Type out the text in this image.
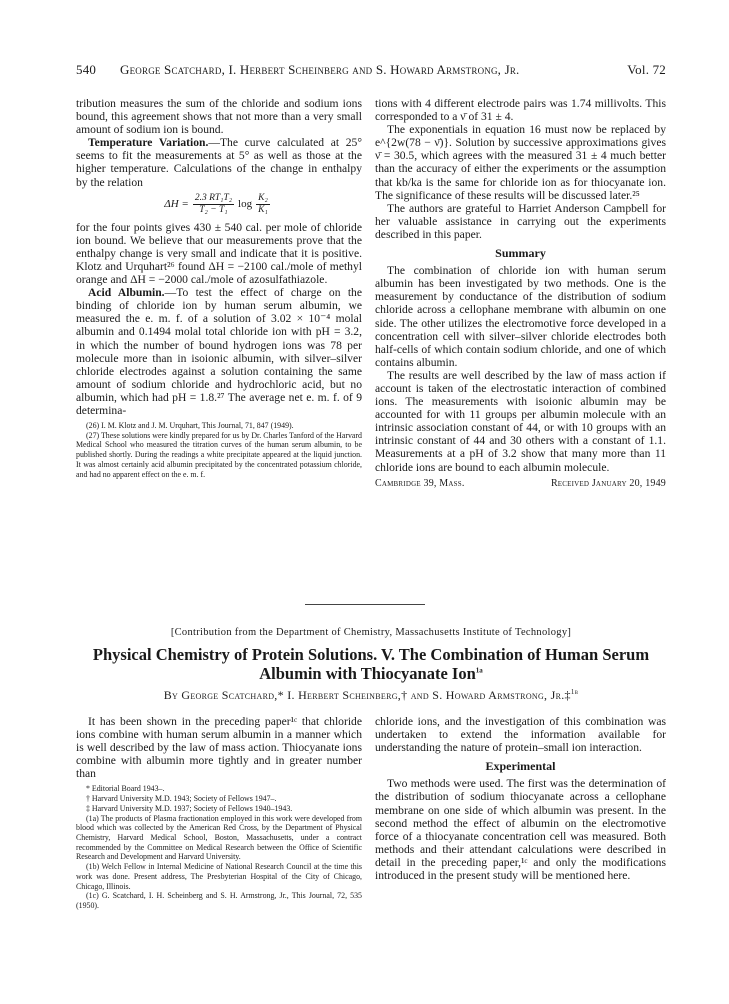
540 George Scatchard, I. Herbert Scheinberg and S. Howard Armstrong, Jr.	Vol. 72

tribution measures the sum of the chloride and sodium ions bound, this agreement shows that not more than a very small amount of sodium ion is bound.

Temperature Variation.—The curve calculated at 25° seems to fit the measurements at 5° as well as those at the higher temperature. Calculations of the change in enthalpy by the relation

$\Delta H = \frac{\text{2.3 RT₁T₂}}{\text{T₂ − T₁}}$ $\log \frac{\text{K₂}}{\text{K₁}}$

for the four points gives 430 ± 540 cal. per mole of chloride ion bound. We believe that our measurements prove that the enthalpy change is very small and indicate that it is positive. Klotz and Urquhart²⁶ found ΔH = −2100 cal./mole of methyl orange and ΔH = −2000 cal./mole of azosulfathiazole.

Acid Albumin.—To test the effect of charge on the binding of chloride ion by human serum albumin, we measured the e. m. f. of a solution of 3.02 × 10⁻⁴ molal albumin and 0.1494 molal total chloride ion with pH = 3.2, in which the number of bound hydrogen ions was 78 per molecule more than in isoionic albumin, with silver–silver chloride electrodes against a solution containing the same amount of sodium chloride and hydrochloric acid, but no albumin, which had pH = 1.8.²⁷ The average net e. m. f. of 9 determina-

(26) I. M. Klotz and J. M. Urquhart, This Journal, 71, 847 (1949).

(27) These solutions were kindly prepared for us by Dr. Charles Tanford of the Harvard Medical School who measured the titration curves of the human serum albumin, to be published shortly. During the readings a white precipitate appeared at the liquid junction. It was almost certainly acid albumin precipitated by the concentrated potassium chloride, and had no apparent effect on the e. m. f.

tions with 4 different electrode pairs was 1.74 millivolts. This corresponded to a ν̄ of 31 ± 4.

The exponentials in equation 16 must now be replaced by e^{2w(78 − ν̄)}. Solution by successive approximations gives ν̄ = 30.5, which agrees with the measured 31 ± 4 much better than the accuracy of either the experiments or the assumption that kb/ka is the same for chloride ion as for thiocyanate ion. The significance of these results will be discussed later.²⁵

The authors are grateful to Harriet Anderson Campbell for her valuable assistance in carrying out the experiments described in this paper.

Summary

The combination of chloride ion with human serum albumin has been investigated by two methods. One is the measurement by conductance of the distribution of sodium chloride across a cellophane membrane with albumin on one side. The other utilizes the electromotive force developed in a concentration cell with silver–silver chloride electrodes both half-cells of which contain sodium chloride, and one of which contains albumin.

The results are well described by the law of mass action if account is taken of the electrostatic interaction of combined ions. The measurements with isoionic albumin may be accounted for with 11 groups per albumin molecule with an intrinsic association constant of 44, or with 10 groups with an intrinsic constant of 44 and 30 others with a constant of 1.1. Measurements at a pH of 3.2 show that many more than 11 chloride ions are bound to each albumin molecule.

Cambridge 39, Mass.	Received January 20, 1949
[Contribution from the Department of Chemistry, Massachusetts Institute of Technology]
Physical Chemistry of Protein Solutions. V. The Combination of Human Serum
Albumin with Thiocyanate Ion$^{1a}$
By George Scatchard,* I. Herbert Scheinberg,† and S. Howard Armstrong, Jr.‡$^{1b}$

It has been shown in the preceding paper¹ᶜ that chloride ions combine with human serum albumin in a manner which is well described by the law of mass action. Thiocyanate ions combine with albumin more tightly and in greater number than

* Editorial Board 1943–.

† Harvard University M.D. 1943; Society of Fellows 1947–.

‡ Harvard University M.D. 1937; Society of Fellows 1940–1943.

(1a) The products of Plasma fractionation employed in this work were developed from blood which was collected by the American Red Cross, by the Department of Physical Chemistry, Harvard Medical School, Boston, Massachusetts, under a contract recommended by the Committee on Medical Research between the Office of Scientific Research and Development and Harvard University.

(1b) Welch Fellow in Internal Medicine of National Research Council at the time this work was done. Present address, The Presbyterian Hospital of the City of Chicago, Chicago, Illinois.

(1c) G. Scatchard, I. H. Scheinberg and S. H. Armstrong, Jr., This Journal, 72, 535 (1950).

chloride ions, and the investigation of this combination was undertaken to extend the information available for understanding the nature of protein–small ion interaction.

Experimental

Two methods were used. The first was the determination of the distribution of sodium thiocyanate across a cellophane membrane on one side of which albumin was present. In the second method the effect of albumin on the electromotive force of a thiocyanate concentration cell was measured. Both methods and their attendant calculations were described in detail in the preceding paper,¹ᶜ and only the modifications introduced in the present study will be mentioned here.
